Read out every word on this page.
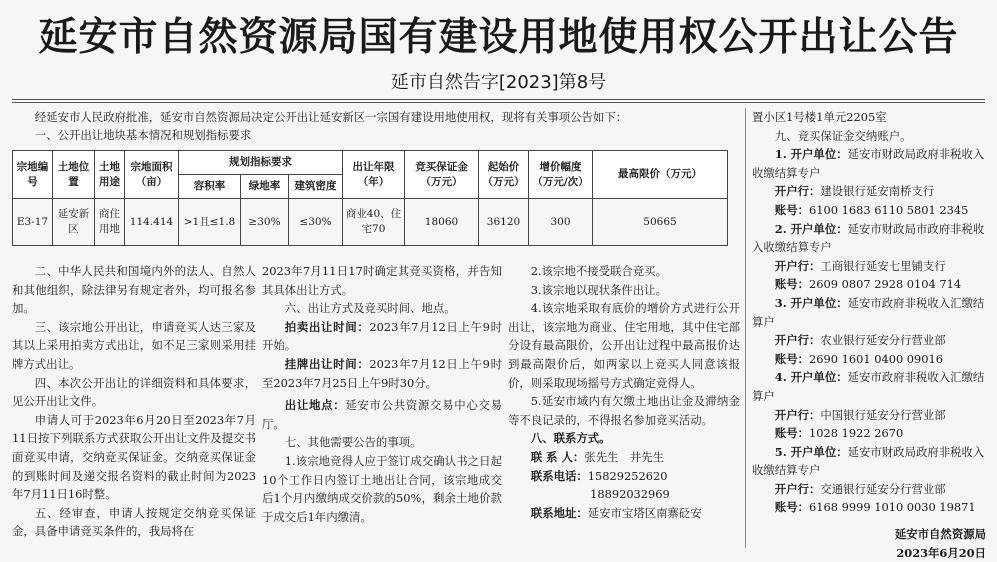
延安市自然资源局国有建设用地使用权公开出让公告
延市自然告字[2023]第8号
经延安市人民政府批准，延安市自然资源局决定公开出让延安新区一宗国有建设用地使用权，现将有关事项公告如下：
一、公开出让地块基本情况和规划指标要求
宗地编号	土地位置	土地用途	宗地面积（亩）	规划指标要求			出让年限（年）	竞买保证金（万元）	起始价（万元）	增价幅度（万元/次）	最高限价（万元）
				容积率	绿地率	建筑密度					
E3-17	延安新区	商住用地	114.414	>1且≤1.8	≥30%	≤30%	商业40、住宅70	18060	36120	300	50665
二、中华人民共和国境内外的法人、自然人和其他组织，除法律另有规定者外，均可报名参加。
三、该宗地公开出让，申请竞买人达三家及其以上采用拍卖方式出让，如不足三家则采用挂牌方式出让。
四、本次公开出让的详细资料和具体要求，见公开出让文件。
申请人可于2023年6月20日至2023年7月11日按下列联系方式获取公开出让文件及提交书面竞买申请，交纳竞买保证金。交纳竞买保证金的到账时间及递交报名资料的截止时间为2023年7月11日16时整。
五、经审查，申请人按规定交纳竞买保证金，具备申请竞买条件的，我局将在
2023年7月11日17时确定其竞买资格，并告知其具体出让方式。
六、出让方式及竞买时间、地点。
拍卖出让时间：2023年7月12日上午9时开始。
挂牌出让时间：2023年7月12日上午9时至2023年7月25日上午9时30分。
出让地点：延安市公共资源交易中心交易厅。
七、其他需要公告的事项。
1.该宗地竞得人应于签订成交确认书之日起10个工作日内签订土地出让合同，该宗地成交后1个月内缴纳成交价款的50%，剩余土地价款于成交后1年内缴清。
2.该宗地不接受联合竞买。
3.该宗地以现状条件出让。
4.该宗地采取有底价的增价方式进行公开出让，该宗地为商业、住宅用地，其中住宅部分设有最高限价，公开出让过程中最高报价达到最高限价后，如两家以上竞买人同意该报价，则采取现场摇号方式确定竞得人。
5.延安市域内有欠缴土地出让金及滞纳金等不良记录的，不得报名参加竞买活动。
八、联系方式。
联 系 人：张先生　井先生
联系电话：15829252620
18892032969
联系地址：延安市宝塔区南寨砭安
置小区1号楼1单元2205室
九、竞买保证金交纳账户。
1. 开户单位：延安市财政局政府非税收入收缴结算专户
开户行：建设银行延安南桥支行
账号：6100 1683 6110 5801 2345
2. 开户单位：延安市财政局市政府非税收入收缴结算专户
开户行：工商银行延安七里铺支行
账号：2609 0807 2928 0104 714
3. 开户单位：延安市政府非税收入汇缴结算户
开户行：农业银行延安分行营业部
账号：2690 1601 0400 09016
4. 开户单位：延安市政府非税收入汇缴结算户
开户行：中国银行延安分行营业部
账号：1028 1922 2670
5. 开户单位：延安市财政局政府非税收入收缴结算专户
开户行：交通银行延安分行营业部
账号：6168 9999 1010 0030 19871
延安市自然资源局
2023年6月20日
